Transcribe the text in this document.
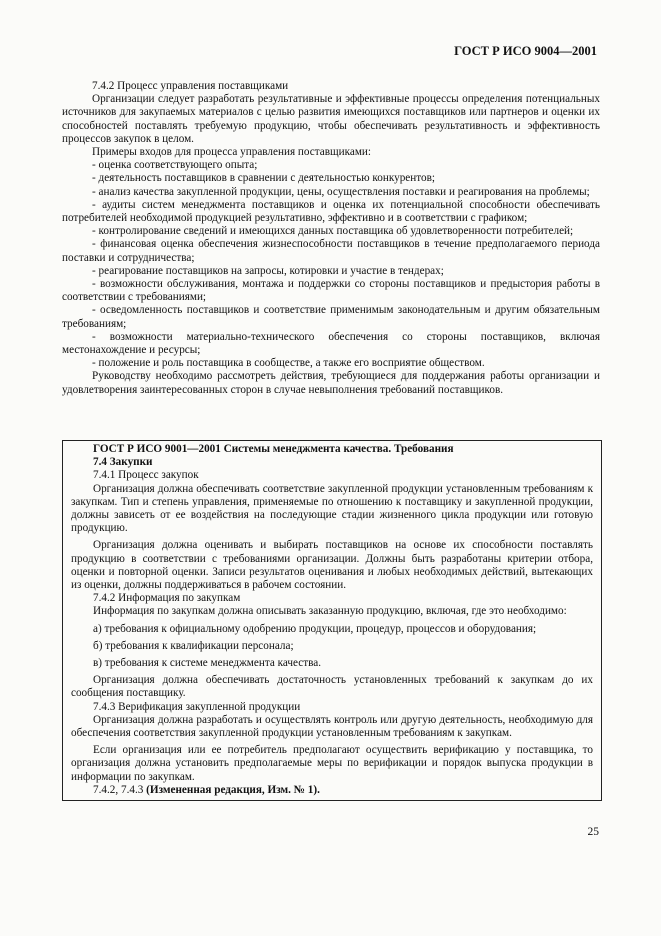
ГОСТ Р ИСО 9004—2001

7.4.2 Процесс управления поставщиками

Организации следует разработать результативные и эффективные процессы определения потенциальных источников для закупаемых материалов с целью развития имеющихся поставщиков или партнеров и оценки их способностей поставлять требуемую продукцию, чтобы обеспечивать результативность и эффективность процессов закупок в целом.

Примеры входов для процесса управления поставщиками:

- оценка соответствующего опыта;

- деятельность поставщиков в сравнении с деятельностью конкурентов;

- анализ качества закупленной продукции, цены, осуществления поставки и реагирования на проблемы;

- аудиты систем менеджмента поставщиков и оценка их потенциальной способности обеспечивать потребителей необходимой продукцией результативно, эффективно и в соответствии с графиком;

- контролирование сведений и имеющихся данных поставщика об удовлетворенности потребителей;

- финансовая оценка обеспечения жизнеспособности поставщиков в течение предполагаемого периода поставки и сотрудничества;

- реагирование поставщиков на запросы, котировки и участие в тендерах;

- возможности обслуживания, монтажа и поддержки со стороны поставщиков и предыстория работы в соответствии с требованиями;

- осведомленность поставщиков и соответствие применимым законодательным и другим обязательным требованиям;

- возможности материально-технического обеспечения со стороны поставщиков, включая местонахождение и ресурсы;

- положение и роль поставщика в сообществе, а также его восприятие обществом.

Руководству необходимо рассмотреть действия, требующиеся для поддержания работы организации и удовлетворения заинтересованных сторон в случае невыполнения требований поставщиков.

ГОСТ Р ИСО 9001—2001 Системы менеджмента качества. Требования

7.4 Закупки

7.4.1 Процесс закупок

Организация должна обеспечивать соответствие закупленной продукции установленным требованиям к закупкам. Тип и степень управления, применяемые по отношению к поставщику и закупленной продукции, должны зависеть от ее воздействия на последующие стадии жизненного цикла продукции или готовую продукцию.

Организация должна оценивать и выбирать поставщиков на основе их способности поставлять продукцию в соответствии с требованиями организации. Должны быть разработаны критерии отбора, оценки и повторной оценки. Записи результатов оценивания и любых необходимых действий, вытекающих из оценки, должны поддерживаться в рабочем состоянии.

7.4.2 Информация по закупкам

Информация по закупкам должна описывать заказанную продукцию, включая, где это необходимо:

а) требования к официальному одобрению продукции, процедур, процессов и оборудования;

б) требования к квалификации персонала;

в) требования к системе менеджмента качества.

Организация должна обеспечивать достаточность установленных требований к закупкам до их сообщения поставщику.

7.4.3 Верификация закупленной продукции

Организация должна разработать и осуществлять контроль или другую деятельность, необходимую для обеспечения соответствия закупленной продукции установленным требованиям к закупкам.

Если организация или ее потребитель предполагают осуществить верификацию у поставщика, то организация должна установить предполагаемые меры по верификации и порядок выпуска продукции в информации по закупкам.

7.4.2, 7.4.3 (Измененная редакция, Изм. № 1).

25
